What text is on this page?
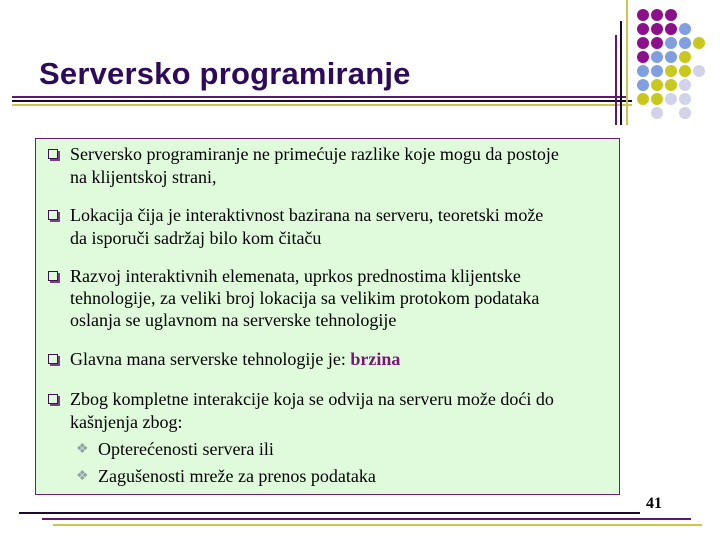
Serversko programiranje
Serversko programiranje ne primećuje razlike koje mogu da postoje
na klijentskoj strani,
Lokacija čija je interaktivnost bazirana na serveru, teoretski može
da isporuči sadržaj bilo kom čitaču
Razvoj interaktivnih elemenata, uprkos prednostima klijentske
tehnologije, za veliki broj lokacija sa velikim protokom podataka
oslanja se uglavnom na serverske tehnologije
Glavna mana serverske tehnologije je: brzina
Zbog kompletne interakcije koja se odvija na serveru može doći do
kašnjenja zbog:
❖ Opterećenosti servera ili
❖ Zagušenosti mreže za prenos podataka
41
